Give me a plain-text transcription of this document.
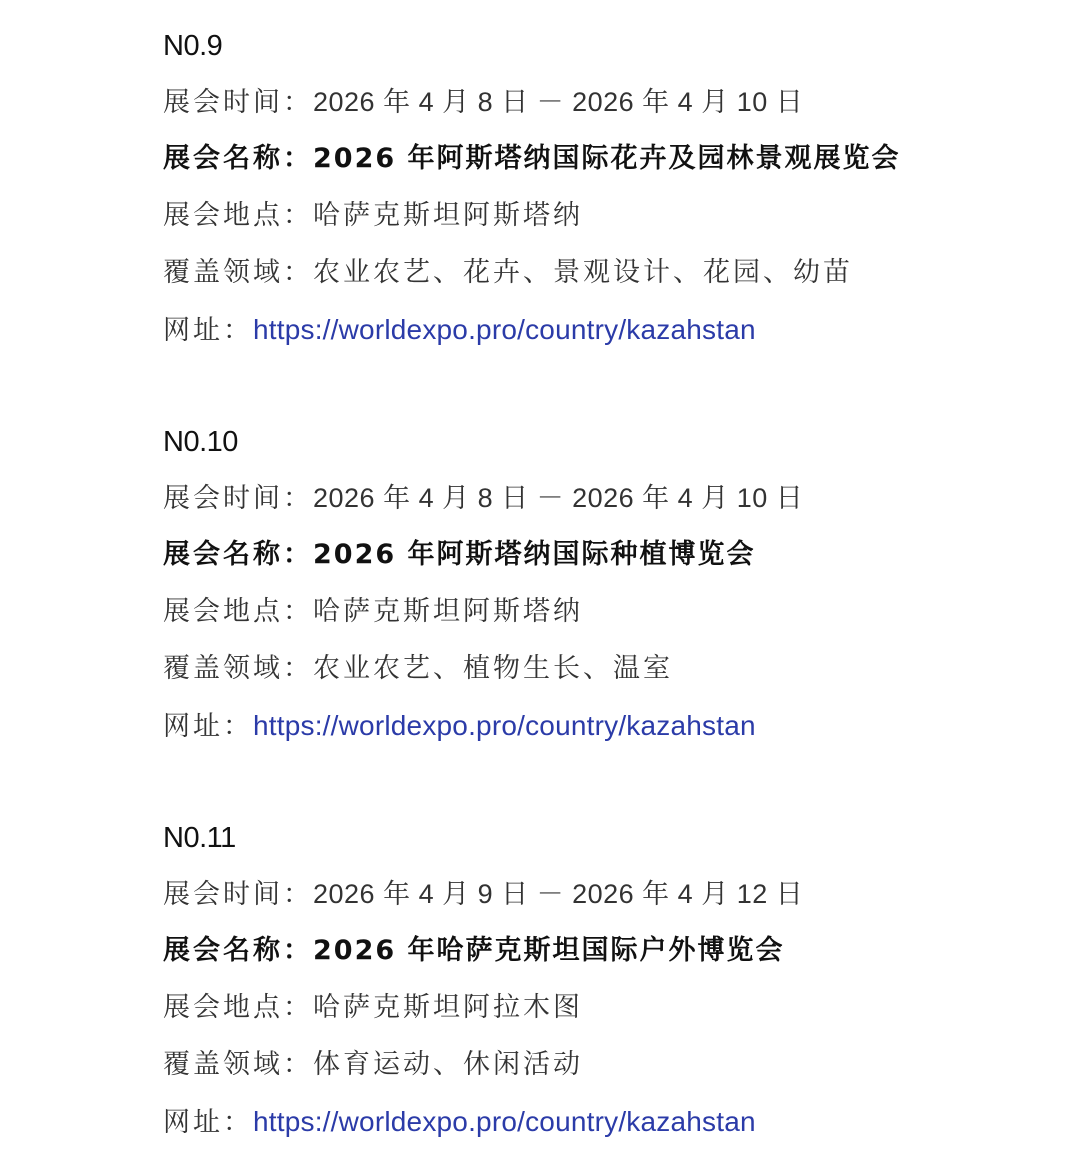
N0.9
展会时间：2026 年 4 月 8 日 － 2026 年 4 月 10 日
展会名称：2026 年阿斯塔纳国际花卉及园林景观展览会
展会地点：哈萨克斯坦阿斯塔纳
覆盖领域：农业农艺、花卉、景观设计、花园、幼苗
网址：https://worldexpo.pro/country/kazahstan
N0.10
展会时间：2026 年 4 月 8 日 － 2026 年 4 月 10 日
展会名称：2026 年阿斯塔纳国际种植博览会
展会地点：哈萨克斯坦阿斯塔纳
覆盖领域：农业农艺、植物生长、温室
网址：https://worldexpo.pro/country/kazahstan
N0.11
展会时间：2026 年 4 月 9 日 － 2026 年 4 月 12 日
展会名称：2026 年哈萨克斯坦国际户外博览会
展会地点：哈萨克斯坦阿拉木图
覆盖领域：体育运动、休闲活动
网址：https://worldexpo.pro/country/kazahstan
